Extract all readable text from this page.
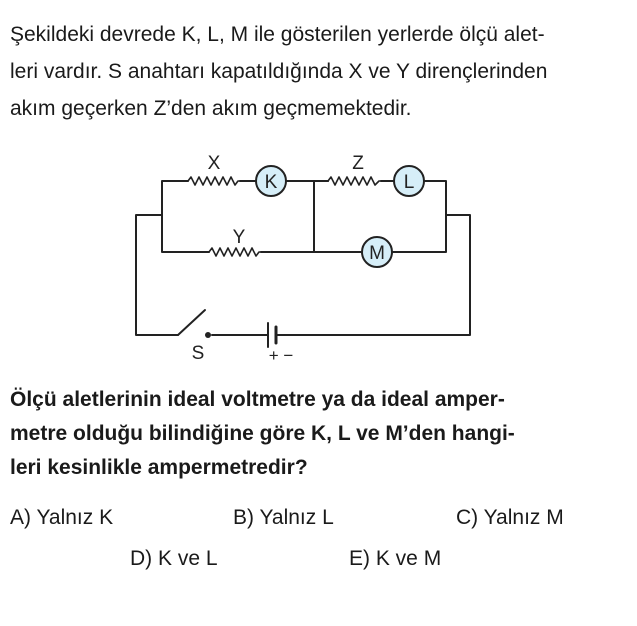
Şekildeki devrede K, L, M ile gösterilen yerlerde ölçü alet-
leri vardır. S anahtarı kapatıldığında X ve Y dirençlerinden
akım geçerken Z’den akım geçmemektedir.
X	Z
Y
K	L
M
S	+ −
Ölçü aletlerinin ideal voltmetre ya da ideal amper-
metre olduğu bilindiğine göre K, L ve M’den hangi-
leri kesinlikle ampermetredir?
A) Yalnız K	B) Yalnız L	C) Yalnız M
D) K ve L	E) K ve M
